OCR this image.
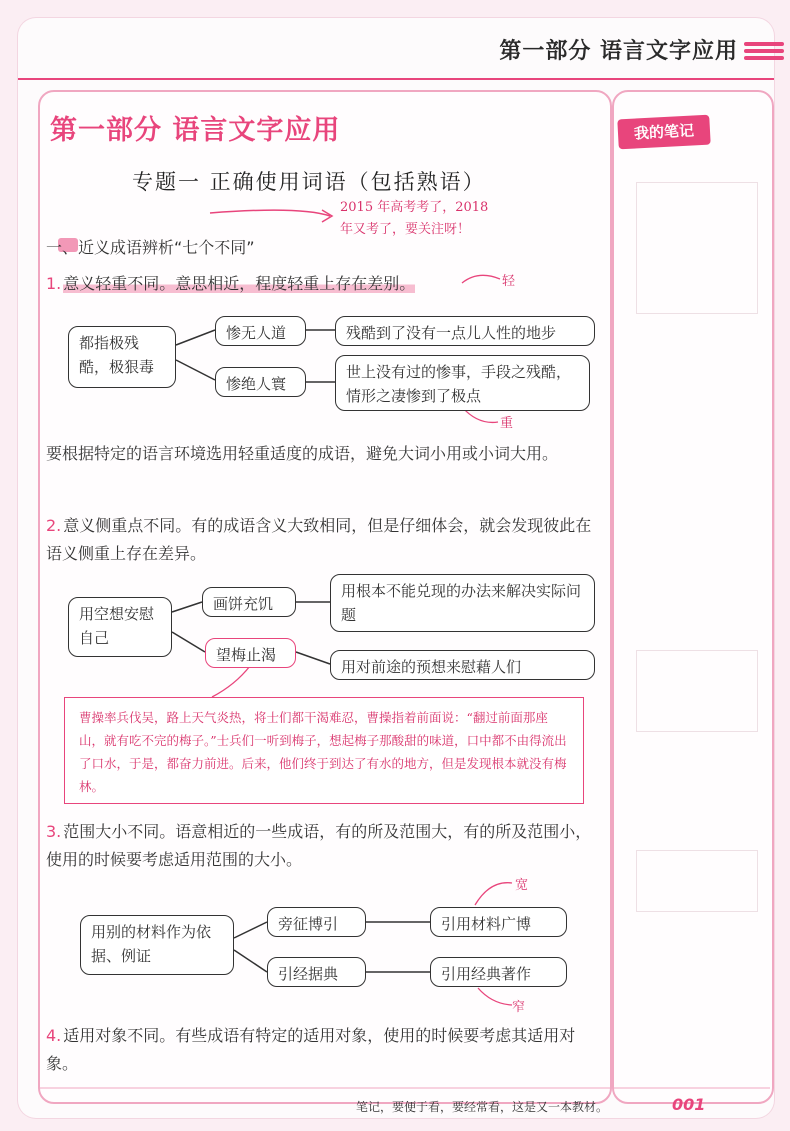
第一部分 语言文字应用
我的笔记
第一部分 语言文字应用
专题一 正确使用词语（包括熟语）
2015 年高考考了，2018
年又考了，要关注呀！
一、近义成语辨析“七个不同”
1. 意义轻重不同。意思相近，程度轻重上存在差别。	轻
都指极残酷，极狠毒
惨无人道
惨绝人寰
残酷到了没有一点儿人性的地步
世上没有过的惨事，手段之残酷，情形之凄惨到了极点
重
要根据特定的语言环境选用轻重适度的成语，避免大词小用或小词大用。
2. 意义侧重点不同。有的成语含义大致相同，但是仔细体会，就会发现彼此在语义侧重上存在差异。
用空想安慰自己
画饼充饥
望梅止渴
用根本不能兑现的办法来解决实际问题
用对前途的预想来慰藉人们
曹操率兵伐吴，路上天气炎热，将士们都干渴难忍，曹操指着前面说：“翻过前面那座山，就有吃不完的梅子。”士兵们一听到梅子，想起梅子那酸甜的味道，口中都不由得流出了口水，于是，都奋力前进。后来，他们终于到达了有水的地方，但是发现根本就没有梅林。
3. 范围大小不同。语意相近的一些成语，有的所及范围大，有的所及范围小，使用的时候要考虑适用范围的大小。
宽
用别的材料作为依据、例证
旁征博引
引经据典
引用材料广博
引用经典著作
窄
4. 适用对象不同。有些成语有特定的适用对象，使用的时候要考虑其适用对象。
笔记，要便于看，要经常看，这是又一本教材。	001
